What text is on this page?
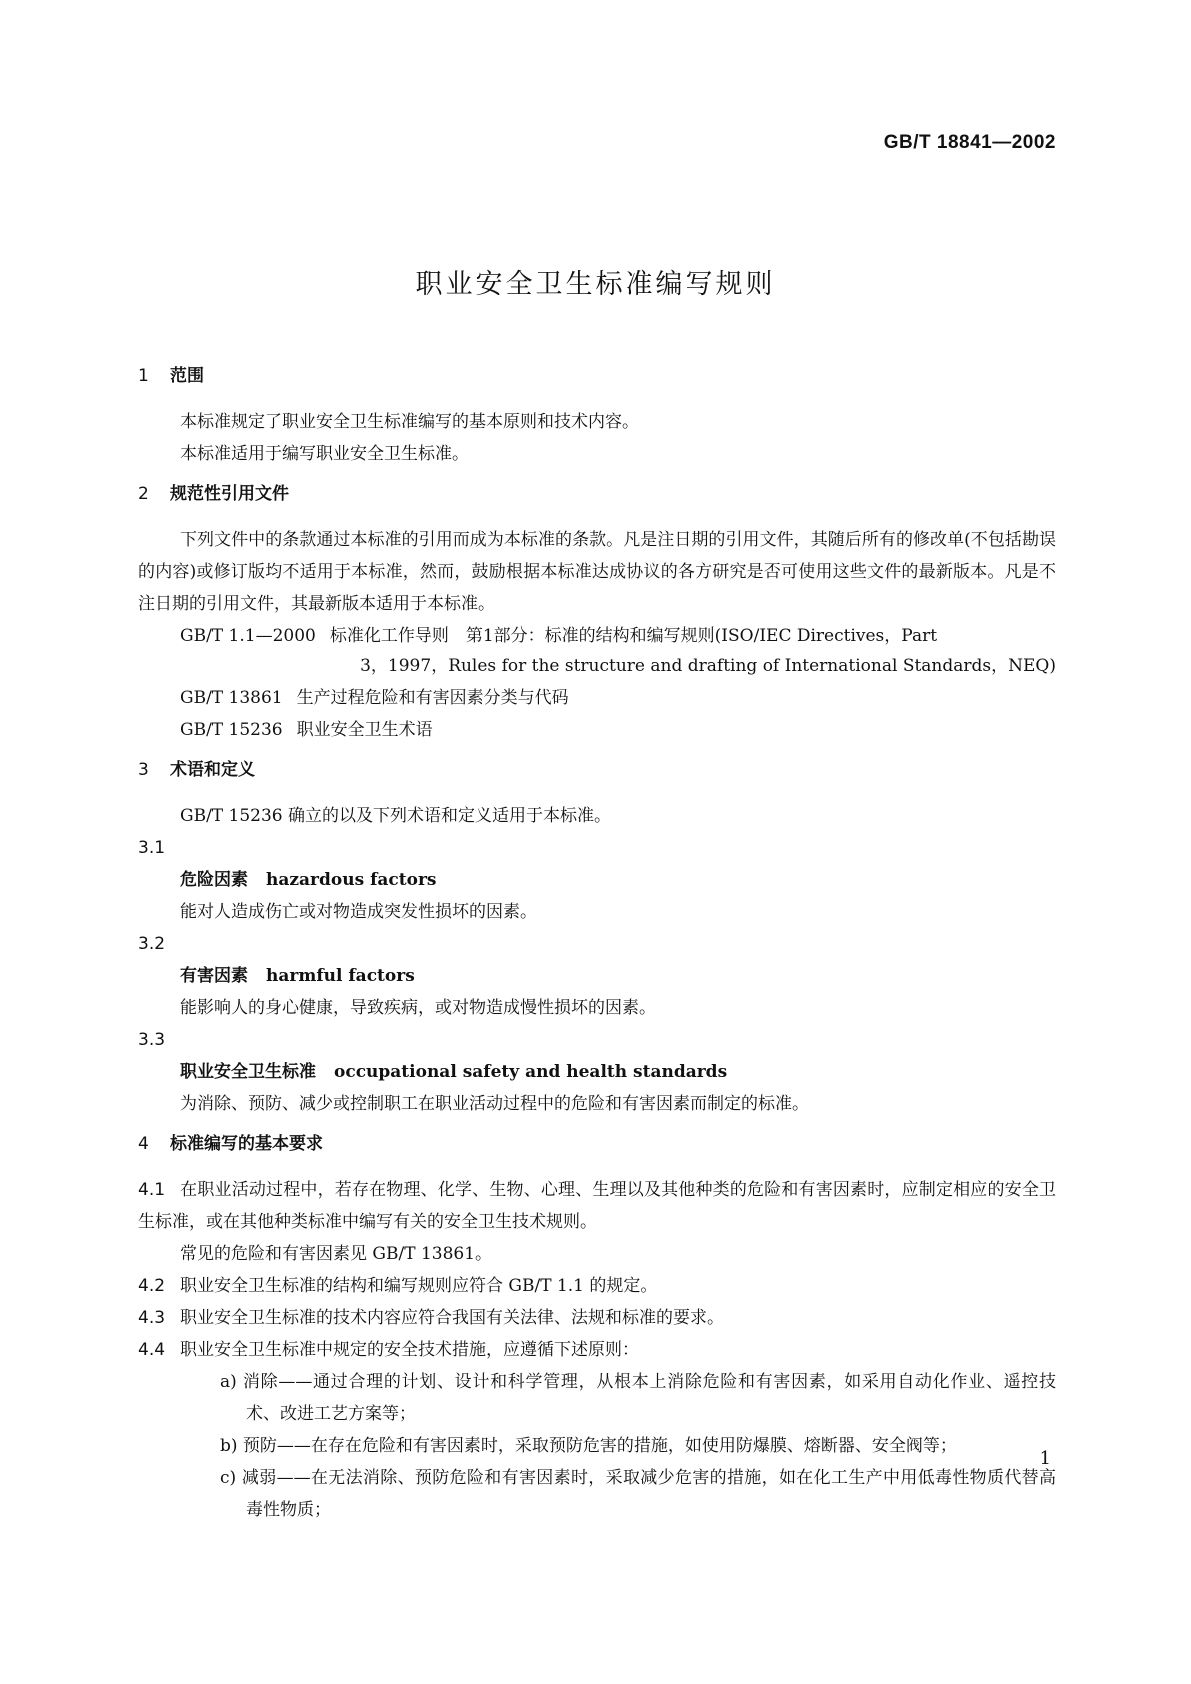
GB/T 18841—2002
职业安全卫生标准编写规则
1 范围

本标准规定了职业安全卫生标准编写的基本原则和技术内容。

本标准适用于编写职业安全卫生标准。

2 规范性引用文件

下列文件中的条款通过本标准的引用而成为本标准的条款。凡是注日期的引用文件，其随后所有的修改单(不包括勘误的内容)或修订版均不适用于本标准，然而，鼓励根据本标准达成协议的各方研究是否可使用这些文件的最新版本。凡是不注日期的引用文件，其最新版本适用于本标准。

GB/T 1.1—2000 标准化工作导则　第1部分：标准的结构和编写规则(ISO/IEC Directives，Part
3，1997，Rules for the structure and drafting of International Standards，NEQ)
GB/T 13861 生产过程危险和有害因素分类与代码
GB/T 15236 职业安全卫生术语
3 术语和定义

GB/T 15236 确立的以及下列术语和定义适用于本标准。

3.1
危险因素 hazardous factors

能对人造成伤亡或对物造成突发性损坏的因素。

3.2
有害因素 harmful factors

能影响人的身心健康，导致疾病，或对物造成慢性损坏的因素。

3.3
职业安全卫生标准 occupational safety and health standards

为消除、预防、减少或控制职工在职业活动过程中的危险和有害因素而制定的标准。

4 标准编写的基本要求

4.1 在职业活动过程中，若存在物理、化学、生物、心理、生理以及其他种类的危险和有害因素时，应制定相应的安全卫生标准，或在其他种类标准中编写有关的安全卫生技术规则。

常见的危险和有害因素见 GB/T 13861。

4.2 职业安全卫生标准的结构和编写规则应符合 GB/T 1.1 的规定。

4.3 职业安全卫生标准的技术内容应符合我国有关法律、法规和标准的要求。

4.4 职业安全卫生标准中规定的安全技术措施，应遵循下述原则：

a) 消除——通过合理的计划、设计和科学管理，从根本上消除危险和有害因素，如采用自动化作业、遥控技术、改进工艺方案等；

b) 预防——在存在危险和有害因素时，采取预防危害的措施，如使用防爆膜、熔断器、安全阀等；

c) 减弱——在无法消除、预防危险和有害因素时，采取减少危害的措施，如在化工生产中用低毒性物质代替高毒性物质；

1
